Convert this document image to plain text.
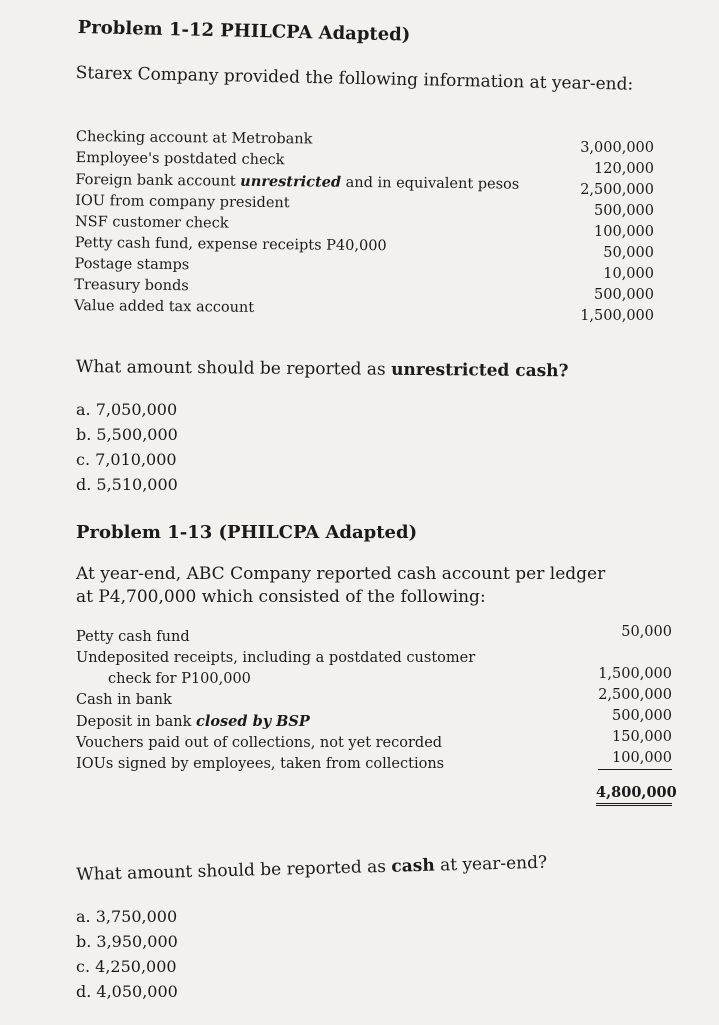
Problem 1-12 PHILCPA Adapted)
Starex Company provided the following information at year-end:
Checking account at Metrobank
Employee's postdated check
Foreign bank account unrestricted and in equivalent pesos
IOU from company president
NSF customer check
Petty cash fund, expense receipts P40,000
Postage stamps
Treasury bonds
Value added tax account
3,000,000
120,000
2,500,000
500,000
100,000
50,000
10,000
500,000
1,500,000
What amount should be reported as unrestricted cash?
a. 7,050,000
b. 5,500,000
c. 7,010,000
d. 5,510,000
Problem 1-13 (PHILCPA Adapted)
At year-end, ABC Company reported cash account per ledger
at P4,700,000 which consisted of the following:
Petty cash fund
Undeposited receipts, including a postdated customer
check for P100,000
Cash in bank
Deposit in bank closed by BSP
Vouchers paid out of collections, not yet recorded
IOUs signed by employees, taken from collections
50,000
1,500,000
2,500,000
500,000
150,000
100,000
4,800,000
What amount should be reported as cash at year-end?
a. 3,750,000
b. 3,950,000
c. 4,250,000
d. 4,050,000
